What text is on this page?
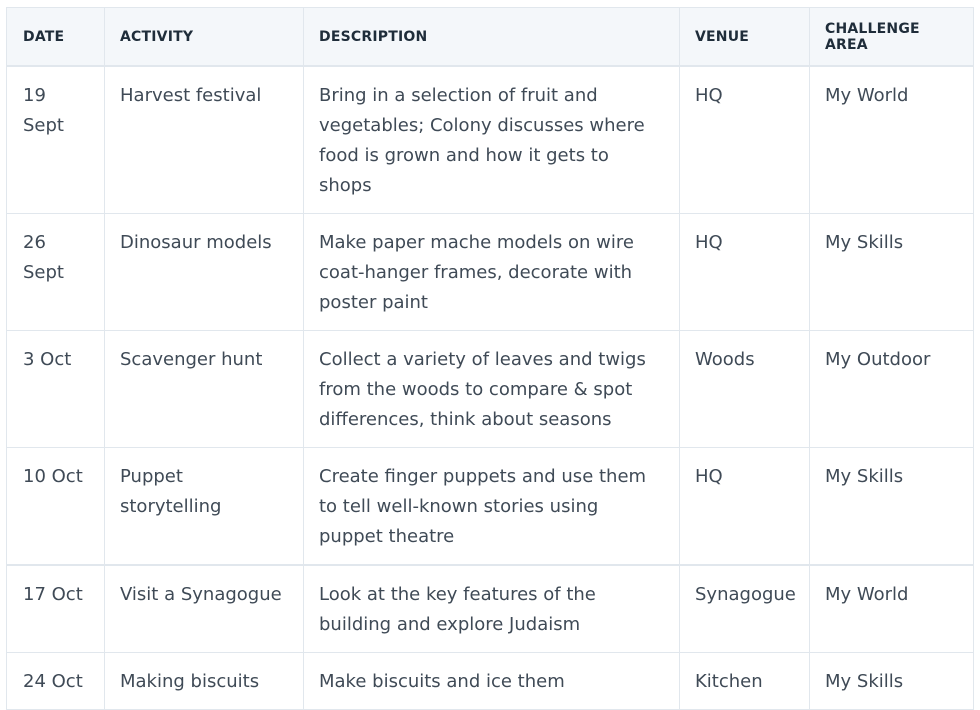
DATE	ACTIVITY	DESCRIPTION	VENUE	CHALLENGE AREA
19 Sept	Harvest festival	Bring in a selection of fruit and vegetables; Colony discusses where food is grown and how it gets to shops	HQ	My World
26 Sept	Dinosaur models	Make paper mache models on wire coat-hanger frames, decorate with poster paint	HQ	My Skills
3 Oct	Scavenger hunt	Collect a variety of leaves and twigs from the woods to compare & spot differences, think about seasons	Woods	My Outdoor
10 Oct	Puppet storytelling	Create finger puppets and use them to tell well-known stories using puppet theatre	HQ	My Skills
17 Oct	Visit a Synagogue	Look at the key features of the building and explore Judaism	Synagogue	My World
24 Oct	Making biscuits	Make biscuits and ice them	Kitchen	My Skills
